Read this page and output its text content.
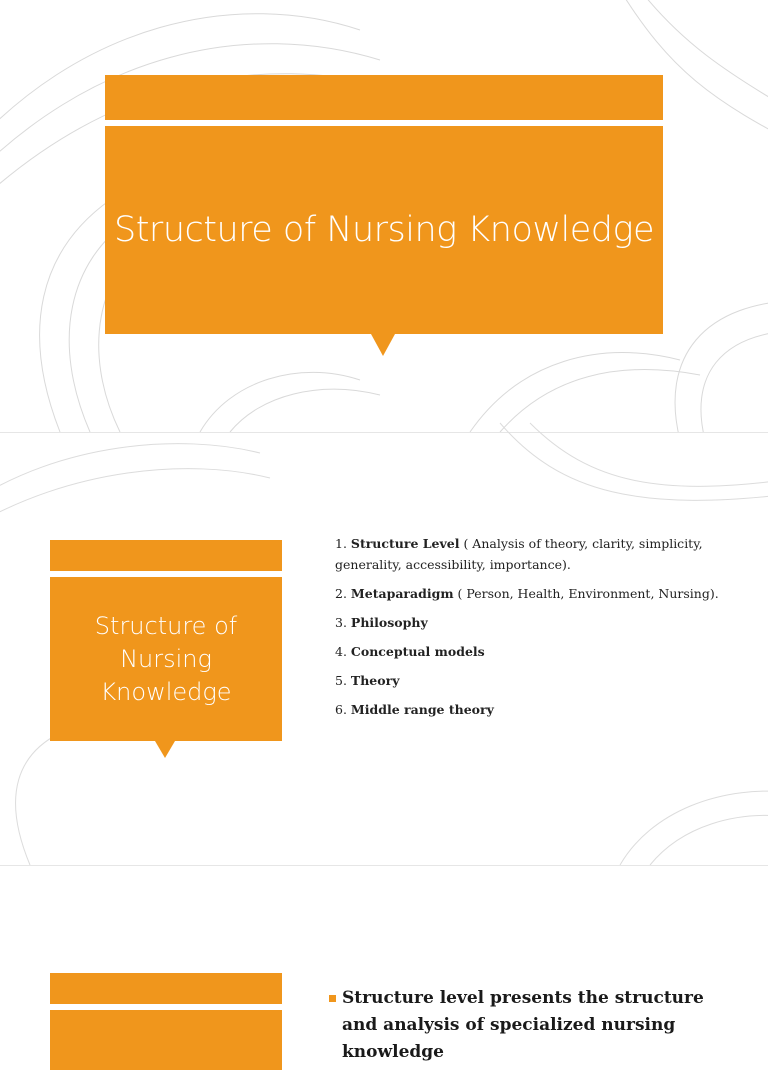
Structure of Nursing Knowledge
Structure of Nursing Knowledge
1. Structure Level ( Analysis of theory, clarity, simplicity, generality, accessibility, importance).
2. Metaparadigm ( Person, Health, Environment, Nursing).
3. Philosophy
4. Conceptual models
5. Theory
6. Middle range theory

Structure level presents the structure and analysis of specialized nursing knowledge
